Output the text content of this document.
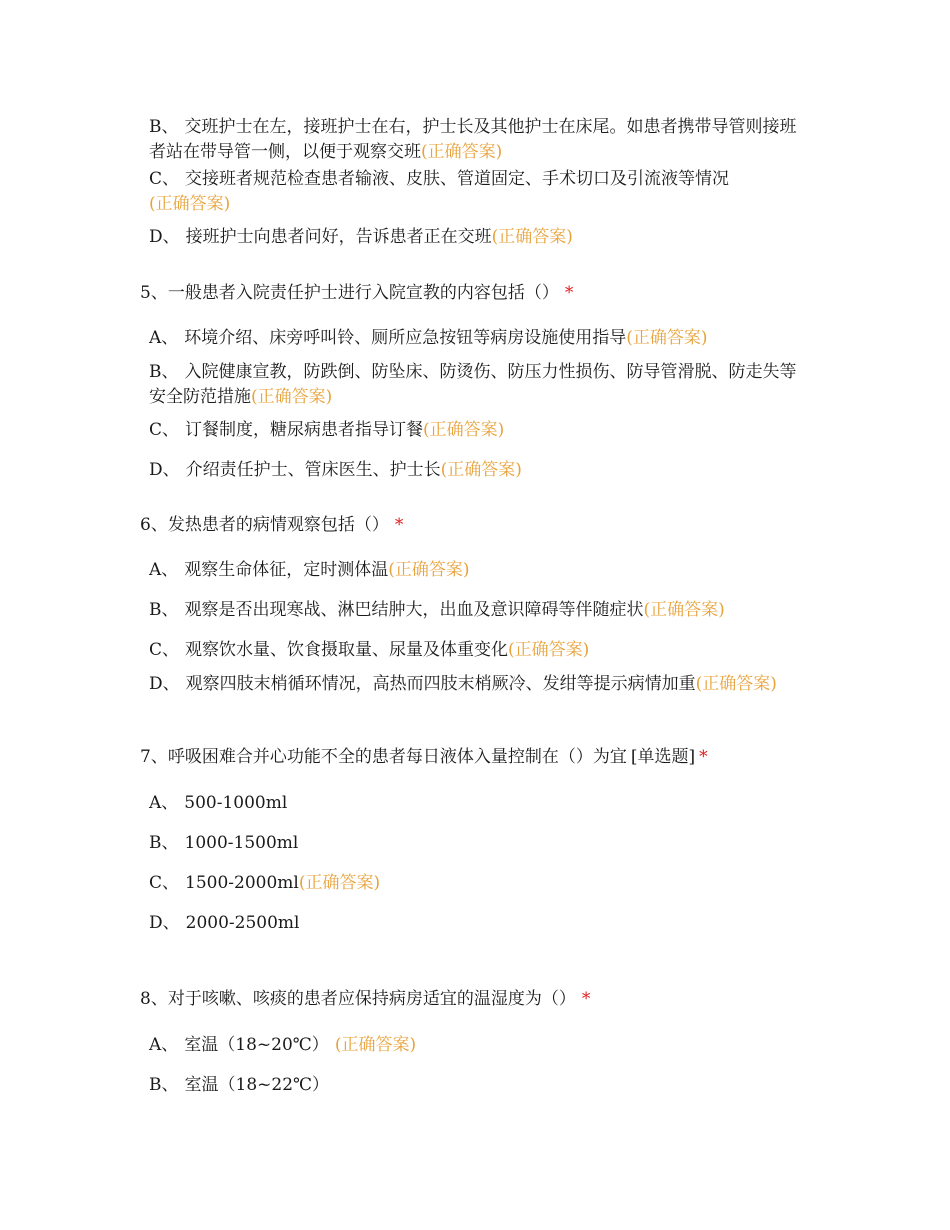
B、 交班护士在左，接班护士在右，护士长及其他护士在床尾。如患者携带导管则接班者站在带导管一侧，以便于观察交班(正确答案)
C、 交接班者规范检查患者输液、皮肤、管道固定、手术切口及引流液等情况
(正确答案)
D、 接班护士向患者问好，告诉患者正在交班(正确答案)
5、一般患者入院责任护士进行入院宣教的内容包括（） *
A、 环境介绍、床旁呼叫铃、厕所应急按钮等病房设施使用指导(正确答案)
B、 入院健康宣教，防跌倒、防坠床、防烫伤、防压力性损伤、防导管滑脱、防走失等安全防范措施(正确答案)
C、 订餐制度，糖尿病患者指导订餐(正确答案)
D、 介绍责任护士、管床医生、护士长(正确答案)
6、发热患者的病情观察包括（） *
A、 观察生命体征，定时测体温(正确答案)
B、 观察是否出现寒战、淋巴结肿大，出血及意识障碍等伴随症状(正确答案)
C、 观察饮水量、饮食摄取量、尿量及体重变化(正确答案)
D、 观察四肢末梢循环情况，高热而四肢末梢厥冷、发绀等提示病情加重(正确答案)
7、呼吸困难合并心功能不全的患者每日液体入量控制在（）为宜 [单选题] *
A、 500-1000ml
B、 1000-1500ml
C、 1500-2000ml(正确答案)
D、 2000-2500ml
8、对于咳嗽、咳痰的患者应保持病房适宜的温湿度为（） *
A、 室温（18~20℃） (正确答案)
B、 室温（18~22℃）
